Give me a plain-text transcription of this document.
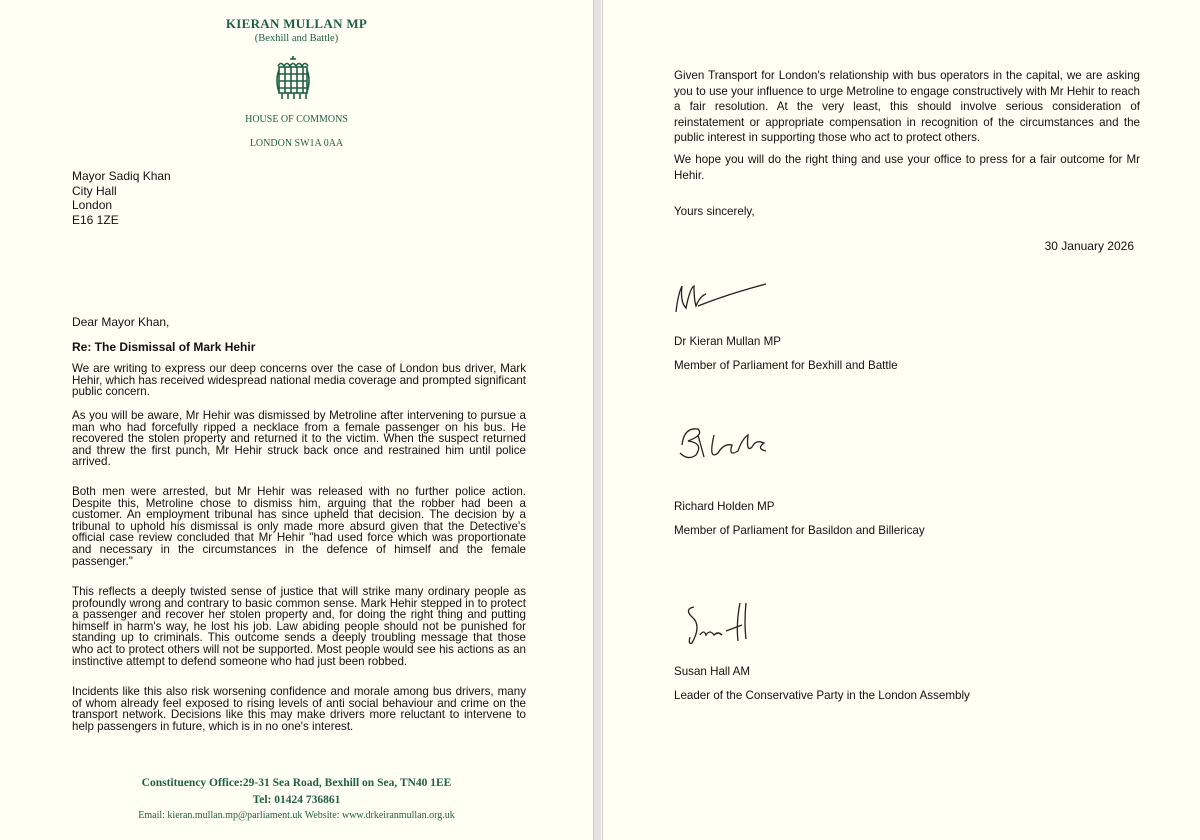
KIERAN MULLAN MP
(Bexhill and Battle)
HOUSE OF COMMONS
LONDON SW1A 0AA
Mayor Sadiq Khan
City Hall
London
E16 1ZE
30 January 2026
Dear Mayor Khan,
Re: The Dismissal of Mark Hehir
We are writing to express our deep concerns over the case of London bus driver, Mark Hehir, which has received widespread national media coverage and prompted significant public concern.
As you will be aware, Mr Hehir was dismissed by Metroline after intervening to pursue a man who had forcefully ripped a necklace from a female passenger on his bus. He recovered the stolen property and returned it to the victim. When the suspect returned and threw the first punch, Mr Hehir struck back once and restrained him until police arrived.
Both men were arrested, but Mr Hehir was released with no further police action. Despite this, Metroline chose to dismiss him, arguing that the robber had been a customer. An employment tribunal has since upheld that decision. The decision by a tribunal to uphold his dismissal is only made more absurd given that the Detective's official case review concluded that Mr Hehir "had used force which was proportionate and necessary in the circumstances in the defence of himself and the female passenger."
This reflects a deeply twisted sense of justice that will strike many ordinary people as profoundly wrong and contrary to basic common sense. Mark Hehir stepped in to protect a passenger and recover her stolen property and, for doing the right thing and putting himself in harm's way, he lost his job. Law abiding people should not be punished for standing up to criminals. This outcome sends a deeply troubling message that those who act to protect others will not be supported. Most people would see his actions as an instinctive attempt to defend someone who had just been robbed.
Incidents like this also risk worsening confidence and morale among bus drivers, many of whom already feel exposed to rising levels of anti social behaviour and crime on the transport network. Decisions like this may make drivers more reluctant to intervene to help passengers in future, which is in no one's interest.
Constituency Office:29-31 Sea Road, Bexhill on Sea, TN40 1EE
Tel: 01424 736861
Email: kieran.mullan.mp@parliament.uk Website: www.drkeiranmullan.org.uk
Given Transport for London's relationship with bus operators in the capital, we are asking you to use your influence to urge Metroline to engage constructively with Mr Hehir to reach a fair resolution. At the very least, this should involve serious consideration of reinstatement or appropriate compensation in recognition of the circumstances and the public interest in supporting those who act to protect others.
We hope you will do the right thing and use your office to press for a fair outcome for Mr Hehir.
Yours sincerely,
Dr Kieran Mullan MP
Member of Parliament for Bexhill and Battle
Richard Holden MP
Member of Parliament for Basildon and Billericay
Susan Hall AM
Leader of the Conservative Party in the London Assembly
